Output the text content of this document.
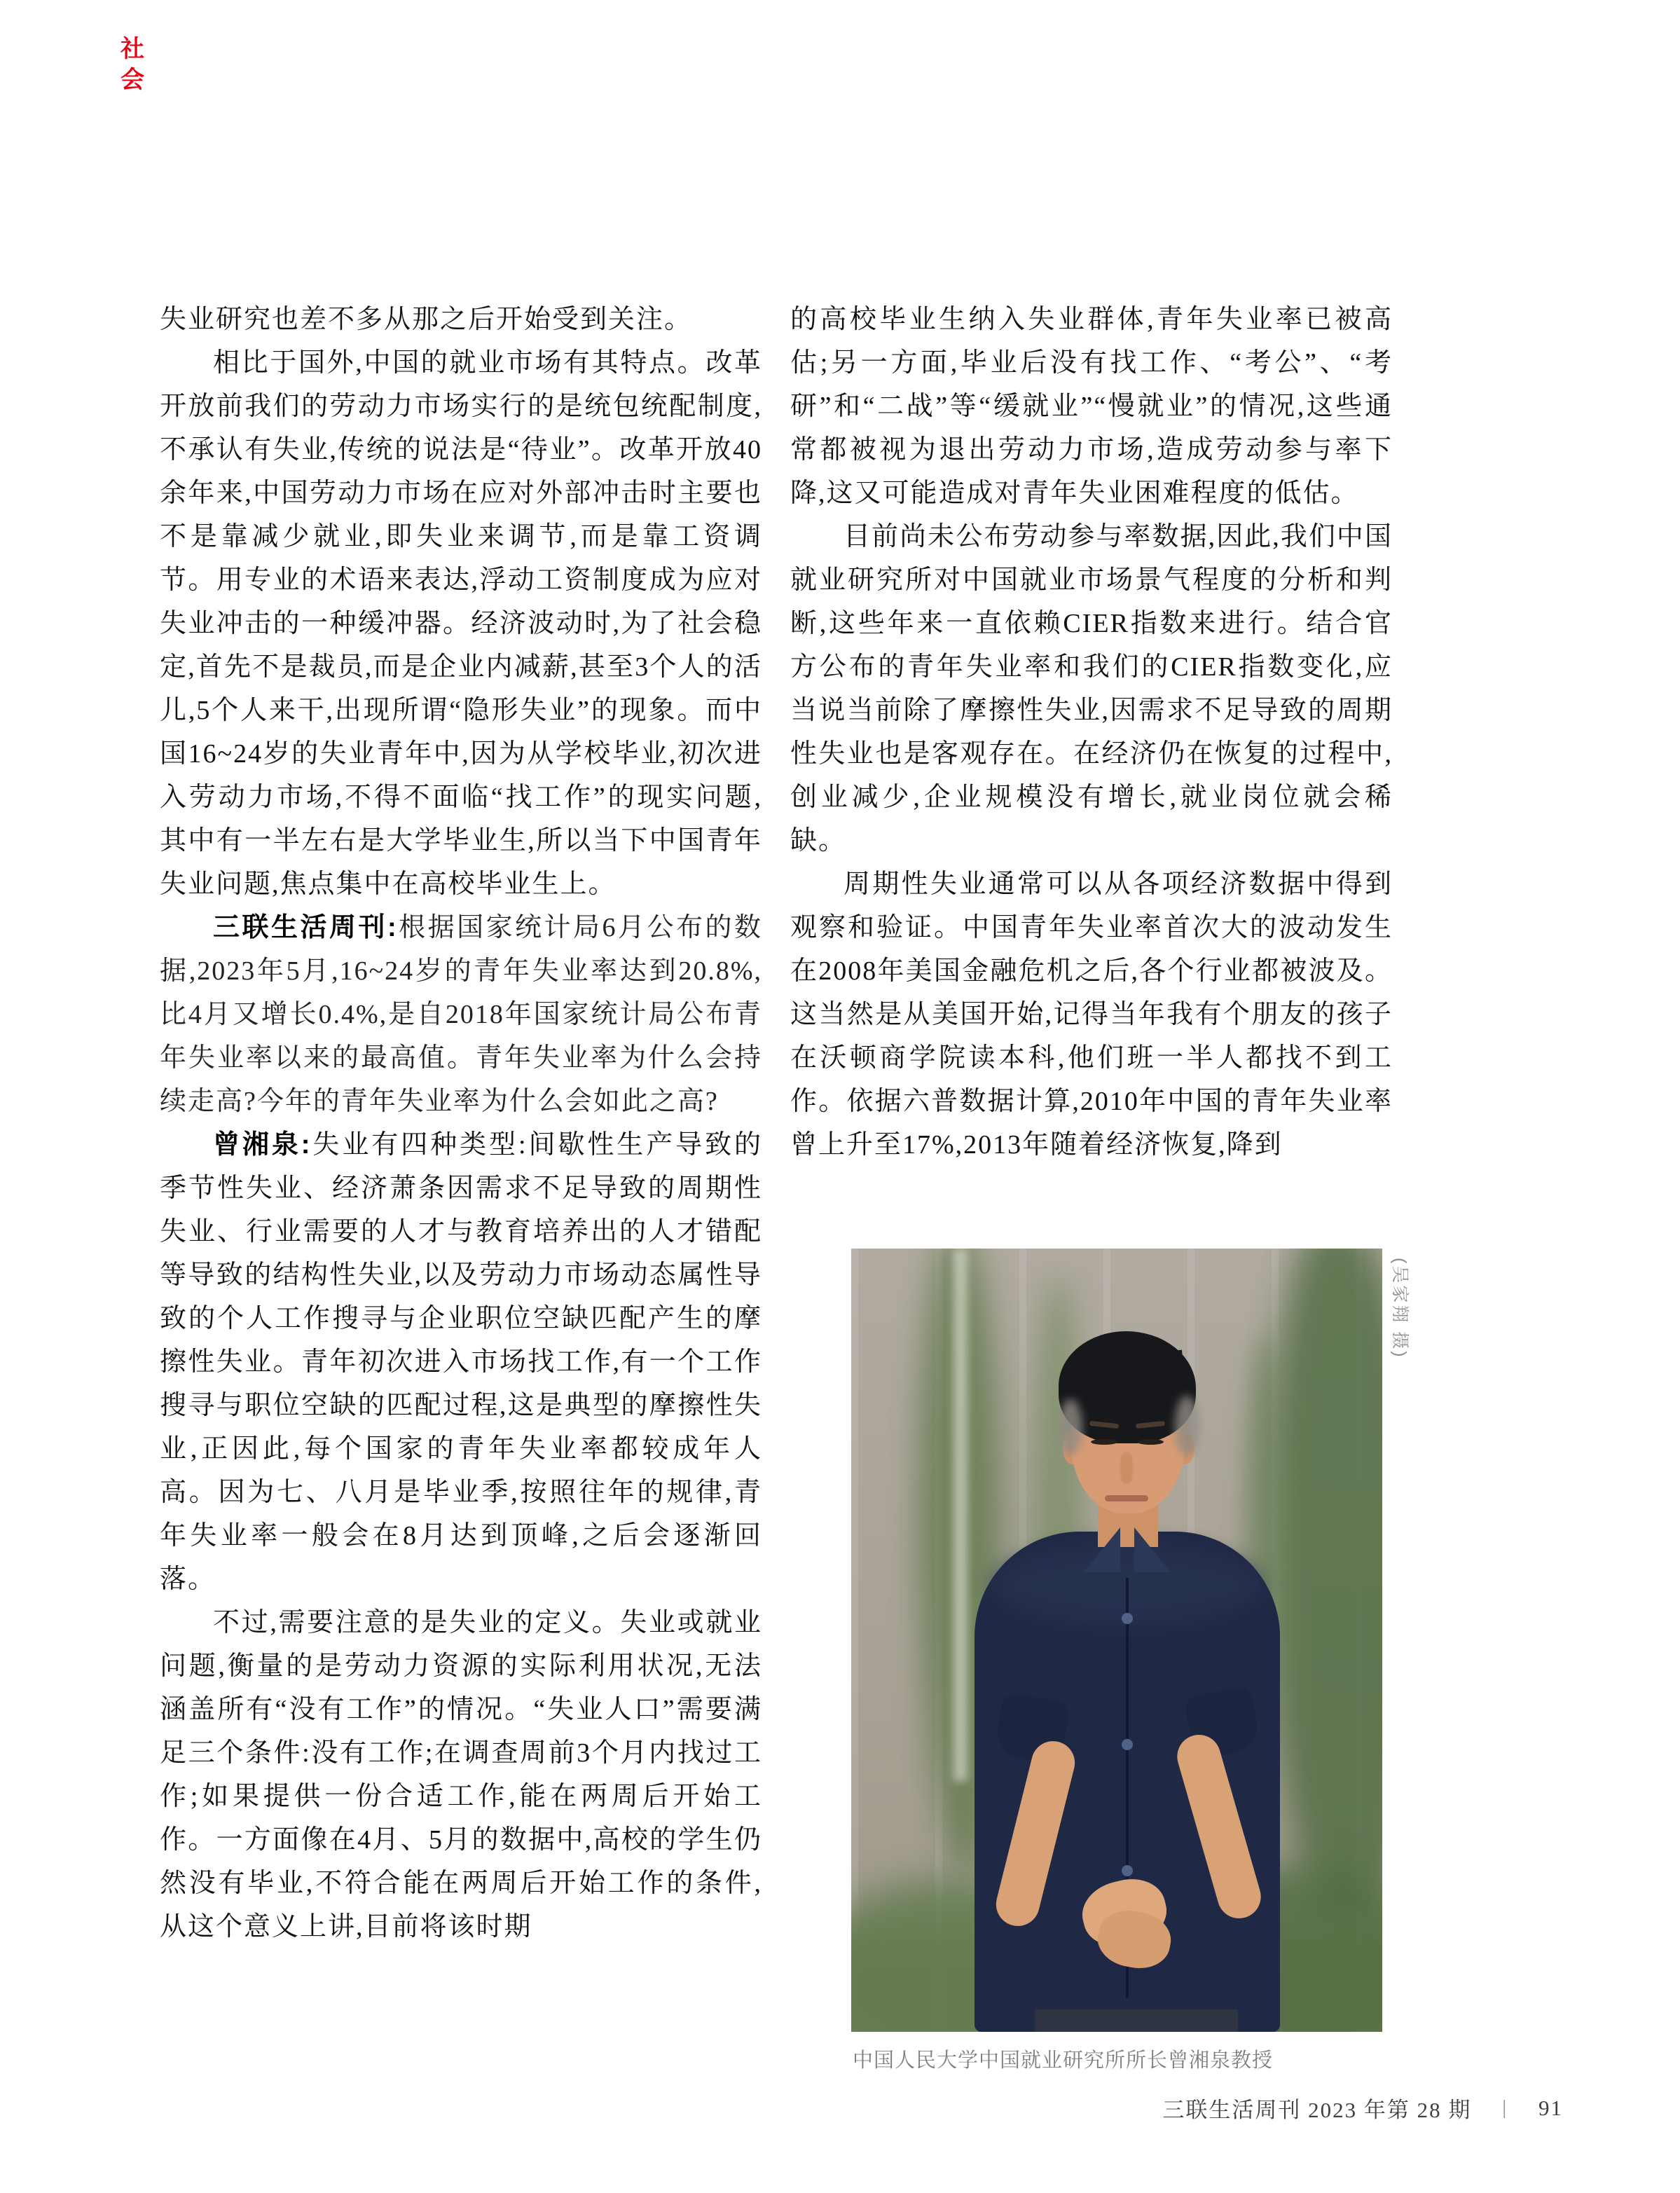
社
会

失业研究也差不多从那之后开始受到关注。

相比于国外,中国的就业市场有其特点。改革开放前我们的劳动力市场实行的是统包统配制度,不承认有失业,传统的说法是“待业”。改革开放40余年来,中国劳动力市场在应对外部冲击时主要也不是靠减少就业,即失业来调节,而是靠工资调节。用专业的术语来表达,浮动工资制度成为应对失业冲击的一种缓冲器。经济波动时,为了社会稳定,首先不是裁员,而是企业内减薪,甚至3个人的活儿,5个人来干,出现所谓“隐形失业”的现象。而中国16~24岁的失业青年中,因为从学校毕业,初次进入劳动力市场,不得不面临“找工作”的现实问题,其中有一半左右是大学毕业生,所以当下中国青年失业问题,焦点集中在高校毕业生上。

三联生活周刊:根据国家统计局6月公布的数据,2023年5月,16~24岁的青年失业率达到20.8%,比4月又增长0.4%,是自2018年国家统计局公布青年失业率以来的最高值。青年失业率为什么会持续走高?今年的青年失业率为什么会如此之高?

曾湘泉:失业有四种类型:间歇性生产导致的季节性失业、经济萧条因需求不足导致的周期性失业、行业需要的人才与教育培养出的人才错配等导致的结构性失业,以及劳动力市场动态属性导致的个人工作搜寻与企业职位空缺匹配产生的摩擦性失业。青年初次进入市场找工作,有一个工作搜寻与职位空缺的匹配过程,这是典型的摩擦性失业,正因此,每个国家的青年失业率都较成年人高。因为七、八月是毕业季,按照往年的规律,青年失业率一般会在8月达到顶峰,之后会逐渐回落。

不过,需要注意的是失业的定义。失业或就业问题,衡量的是劳动力资源的实际利用状况,无法涵盖所有“没有工作”的情况。“失业人口”需要满足三个条件:没有工作;在调查周前3个月内找过工作;如果提供一份合适工作,能在两周后开始工作。一方面像在4月、5月的数据中,高校的学生仍然没有毕业,不符合能在两周后开始工作的条件,从这个意义上讲,目前将该时期

的高校毕业生纳入失业群体,青年失业率已被高估;另一方面,毕业后没有找工作、“考公”、“考研”和“二战”等“缓就业”“慢就业”的情况,这些通常都被视为退出劳动力市场,造成劳动参与率下降,这又可能造成对青年失业困难程度的低估。

目前尚未公布劳动参与率数据,因此,我们中国就业研究所对中国就业市场景气程度的分析和判断,这些年来一直依赖CIER指数来进行。结合官方公布的青年失业率和我们的CIER指数变化,应当说当前除了摩擦性失业,因需求不足导致的周期性失业也是客观存在。在经济仍在恢复的过程中,创业减少,企业规模没有增长,就业岗位就会稀缺。

周期性失业通常可以从各项经济数据中得到观察和验证。中国青年失业率首次大的波动发生在2008年美国金融危机之后,各个行业都被波及。这当然是从美国开始,记得当年我有个朋友的孩子在沃顿商学院读本科,他们班一半人都找不到工作。依据六普数据计算,2010年中国的青年失业率曾上升至17%,2013年随着经济恢复,降到

(吴家翔 摄)
中国人民大学中国就业研究所所长曾湘泉教授
三联生活周刊 2023 年第 28 期 | 91
